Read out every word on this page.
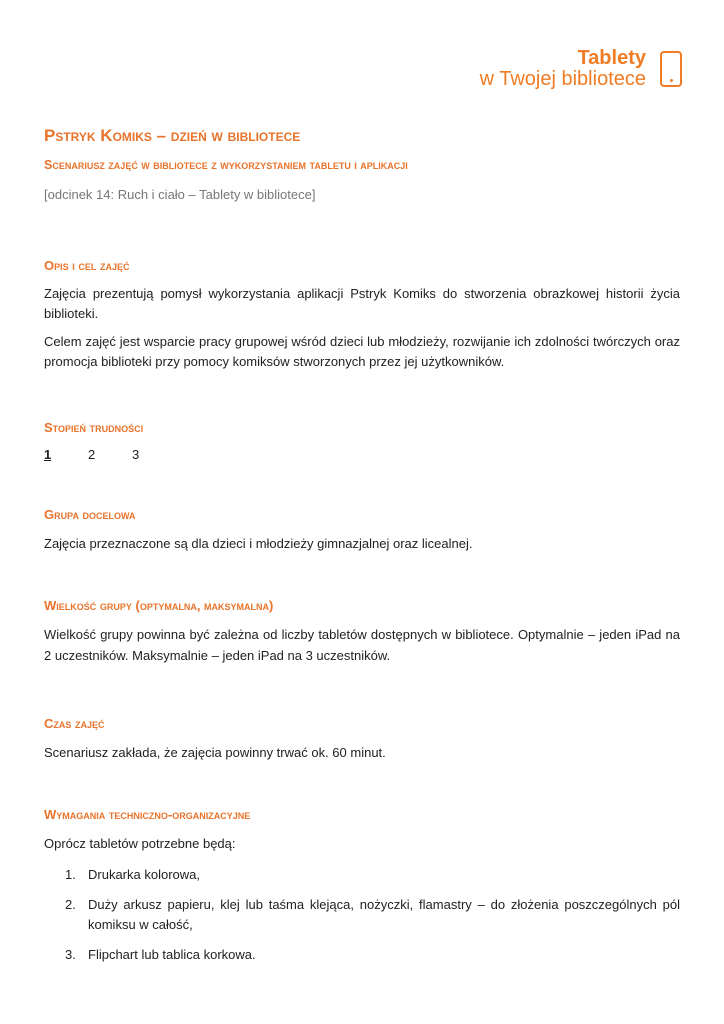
Tablety
w Twojej bibliotece
Pstryk Komiks – dzień w bibliotece
Scenariusz zajęć w bibliotece z wykorzystaniem tabletu i aplikacji
[odcinek 14: Ruch i ciało – Tablety w bibliotece]
Opis i cel zajęć

Zajęcia prezentują pomysł wykorzystania aplikacji Pstryk Komiks do stworzenia obrazkowej historii życia biblioteki.

Celem zajęć jest wsparcie pracy grupowej wśród dzieci lub młodzieży, rozwijanie ich zdolności twórczych oraz promocja biblioteki przy pomocy komiksów stworzonych przez jej użytkowników.

Stopień trudności
1	2	3
Grupa docelowa

Zajęcia przeznaczone są dla dzieci i młodzieży gimnazjalnej oraz licealnej.

Wielkość grupy (optymalna, maksymalna)

Wielkość grupy powinna być zależna od liczby tabletów dostępnych w bibliotece. Optymalnie – jeden iPad na 2 uczestników. Maksymalnie – jeden iPad na 3 uczestników.

Czas zajęć

Scenariusz zakłada, że zajęcia powinny trwać ok. 60 minut.

Wymagania techniczno-organizacyjne

Oprócz tabletów potrzebne będą:

1. Drukarka kolorowa,
2. Duży arkusz papieru, klej lub taśma klejąca, nożyczki, flamastry – do złożenia poszczególnych pól komiksu w całość,
3. Flipchart lub tablica korkowa.
